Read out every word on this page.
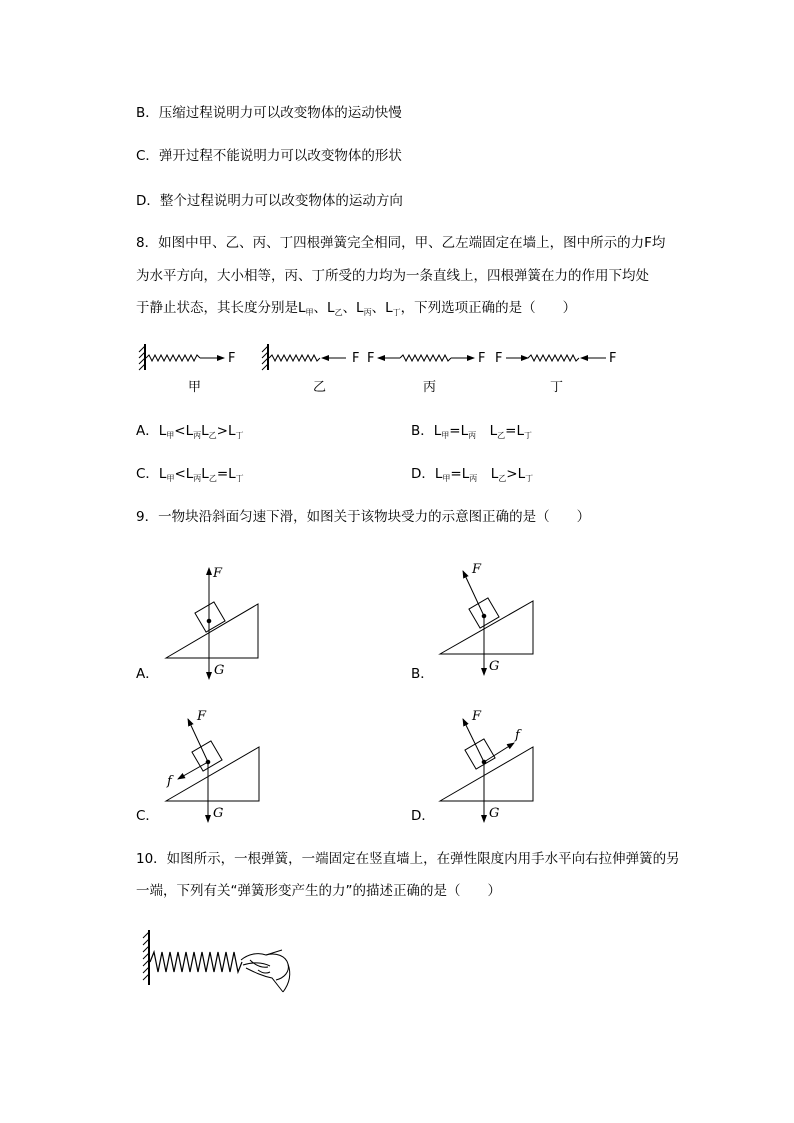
B．压缩过程说明力可以改变物体的运动快慢
C．弹开过程不能说明力可以改变物体的形状
D．整个过程说明力可以改变物体的运动方向
8．如图中甲、乙、丙、丁四根弹簧完全相同，甲、乙左端固定在墙上，图中所示的力F均
为水平方向，大小相等，丙、丁所受的力均为一条直线上，四根弹簧在力的作用下均处
于静止状态，其长度分别是$L_甲$、$L_乙$、$L_丙$、$L_丁$，下列选项正确的是（　　）
F	F F	F F	F
甲	乙	丙	丁
A．$L_甲<L_丙L_乙>L_丁$	B．$L_甲=L_丙$　$L_乙=L_丁$
C．$L_甲<L_丙L_乙=L_丁$	D．$L_甲=L_丙$　$L_乙>L_丁$
9．一物块沿斜面匀速下滑，如图关于该物块受力的示意图正确的是（　　）
F
G
F
G
F
G
f
F
G
f
A．	B．
C．	D．
10．如图所示，一根弹簧，一端固定在竖直墙上，在弹性限度内用手水平向右拉伸弹簧的另
一端，下列有关“弹簧形变产生的力”的描述正确的是（　　）
